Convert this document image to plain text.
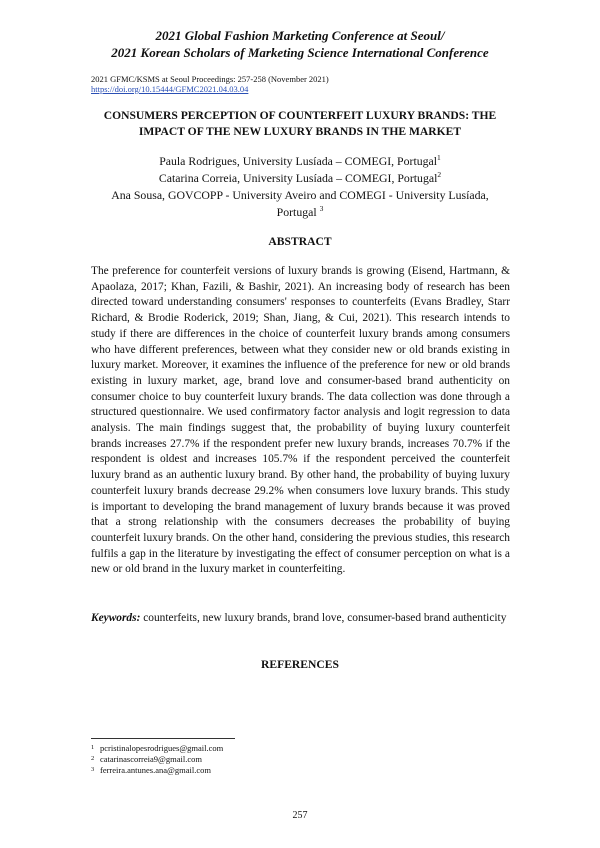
2021 Global Fashion Marketing Conference at Seoul/
2021 Korean Scholars of Marketing Science International Conference
2021 GFMC/KSMS at Seoul Proceedings: 257-258 (November 2021)
https://doi.org/10.15444/GFMC2021.04.03.04
CONSUMERS PERCEPTION OF COUNTERFEIT LUXURY BRANDS: THE
IMPACT OF THE NEW LUXURY BRANDS IN THE MARKET
Paula Rodrigues, University Lusíada – COMEGI, Portugal$^1$
Catarina Correia, University Lusíada – COMEGI, Portugal$^2$
Ana Sousa, GOVCOPP - University Aveiro and COMEGI - University Lusíada,
Portugal $^3$
ABSTRACT

The preference for counterfeit versions of luxury brands is growing (Eisend, Hartmann, & Apaolaza, 2017; Khan, Fazili, & Bashir, 2021). An increasing body of research has been directed toward understanding consumers' responses to counterfeits (Evans Bradley, Starr Richard, & Brodie Roderick, 2019; Shan, Jiang, & Cui, 2021). This research intends to study if there are differences in the choice of counterfeit luxury brands among consumers who have different preferences, between what they consider new or old brands existing in luxury market. Moreover, it examines the influence of the preference for new or old brands existing in luxury market, age, brand love and consumer-based brand authenticity on consumer choice to buy counterfeit luxury brands. The data collection was done through a structured questionnaire. We used confirmatory factor analysis and logit regression to data analysis. The main findings suggest that, the probability of buying luxury counterfeit brands increases 27.7% if the respondent prefer new luxury brands, increases 70.7% if the respondent is oldest and increases 105.7% if the respondent perceived the counterfeit luxury brand as an authentic luxury brand. By other hand, the probability of buying luxury counterfeit luxury brands decrease 29.2% when consumers love luxury brands. This study is important to developing the brand management of luxury brands because it was proved that a strong relationship with the consumers decreases the probability of buying counterfeit luxury brands. On the other hand, considering the previous studies, this research fulfils a gap in the literature by investigating the effect of consumer perception on what is a new or old brand in the luxury market in counterfeiting.

Keywords: counterfeits, new luxury brands, brand love, consumer-based brand authenticity

REFERENCES
1 pcristinalopesrodrigues@gmail.com
2 catarinascorreia9@gmail.com
3 ferreira.antunes.ana@gmail.com
257
